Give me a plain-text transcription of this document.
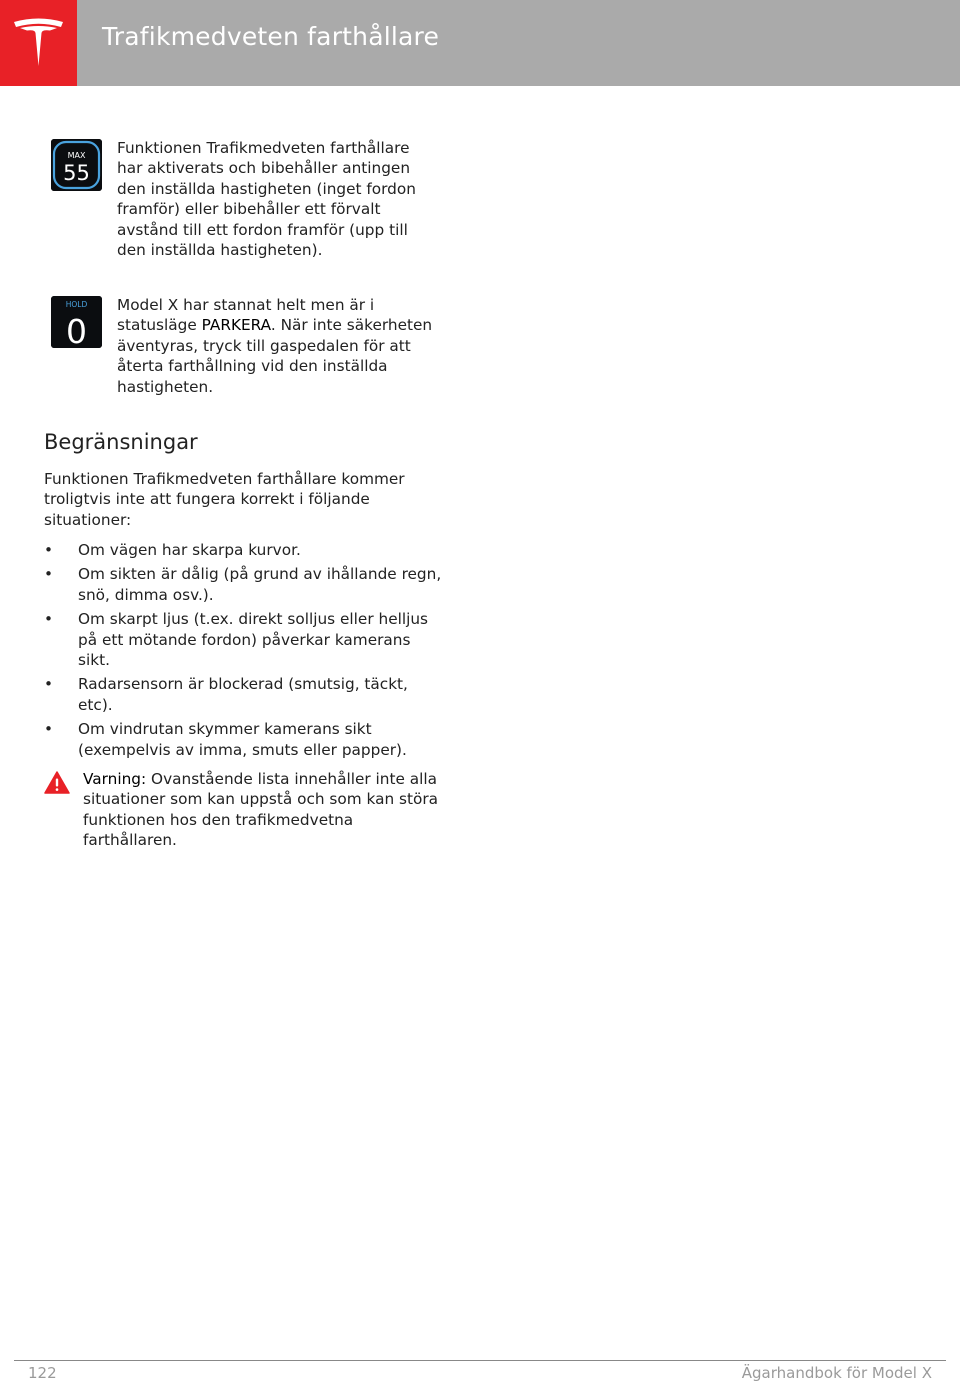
Trafikmedveten farthållare
MAX
55
Funktionen Trafikmedveten farthållare har aktiverats och bibehåller antingen den inställda hastigheten (inget fordon framför) eller bibehåller ett förvalt avstånd till ett fordon framför (upp till den inställda hastigheten).
HOLD
0
Model X har stannat helt men är i statusläge PARKERA. När inte säkerheten äventyras, tryck till gaspedalen för att återta farthållning vid den inställda hastigheten.
Begränsningar
Funktionen Trafikmedveten farthållare kommer troligtvis inte att fungera korrekt i följande situationer:
• Om vägen har skarpa kurvor.
• Om sikten är dålig (på grund av ihållande regn, snö, dimma osv.).
• Om skarpt ljus (t.ex. direkt solljus eller helljus på ett mötande fordon) påverkar kamerans sikt.
• Radarsensorn är blockerad (smutsig, täckt, etc).
• Om vindrutan skymmer kamerans sikt (exempelvis av imma, smuts eller papper).
Varning: Ovanstående lista innehåller inte alla situationer som kan uppstå och som kan störa funktionen hos den trafikmedvetna farthållaren.
122	Ägarhandbok för Model X
